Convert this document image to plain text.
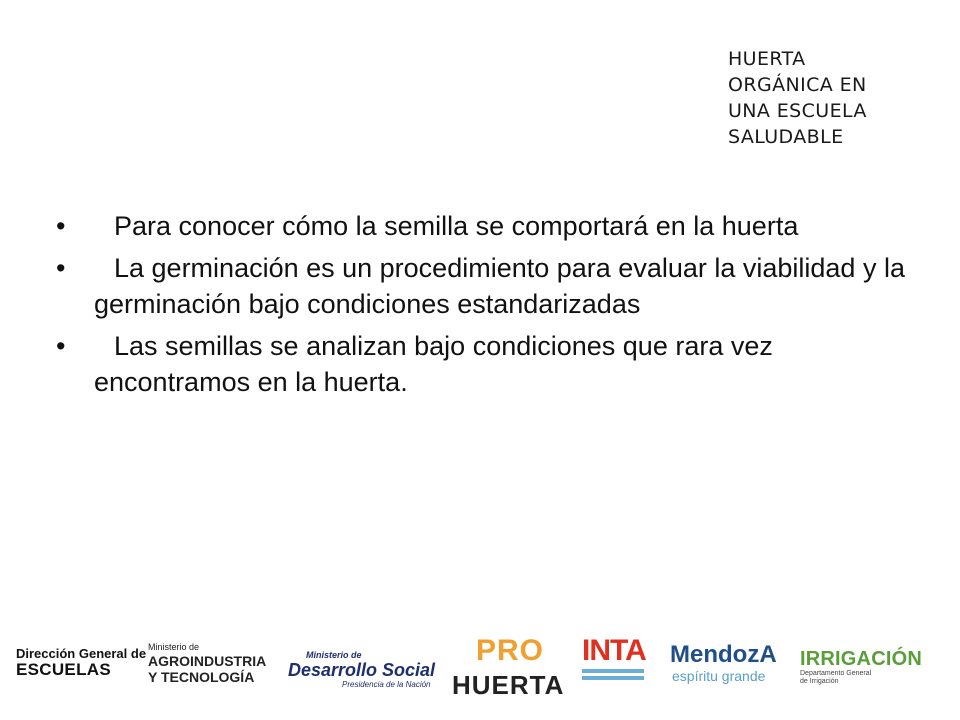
HUERTA
ORGÁNICA EN
UNA ESCUELA
SALUDABLE
• Para conocer cómo la semilla se comportará en la huerta
• La germinación es un procedimiento para evaluar la viabilidad y la germinación bajo condiciones estandarizadas
• Las semillas se analizan bajo condiciones que rara vez encontramos en la huerta.
Dirección General de
ESCUELAS
Ministerio de
AGROINDUSTRIA
Y TECNOLOGÍA
Ministerio de
Desarrollo Social
Presidencia de la Nación
PRO
HUERTA
INTA MendozA
espíritu grande
IRRIGACIÓN
Departamento General
de Irrigación
